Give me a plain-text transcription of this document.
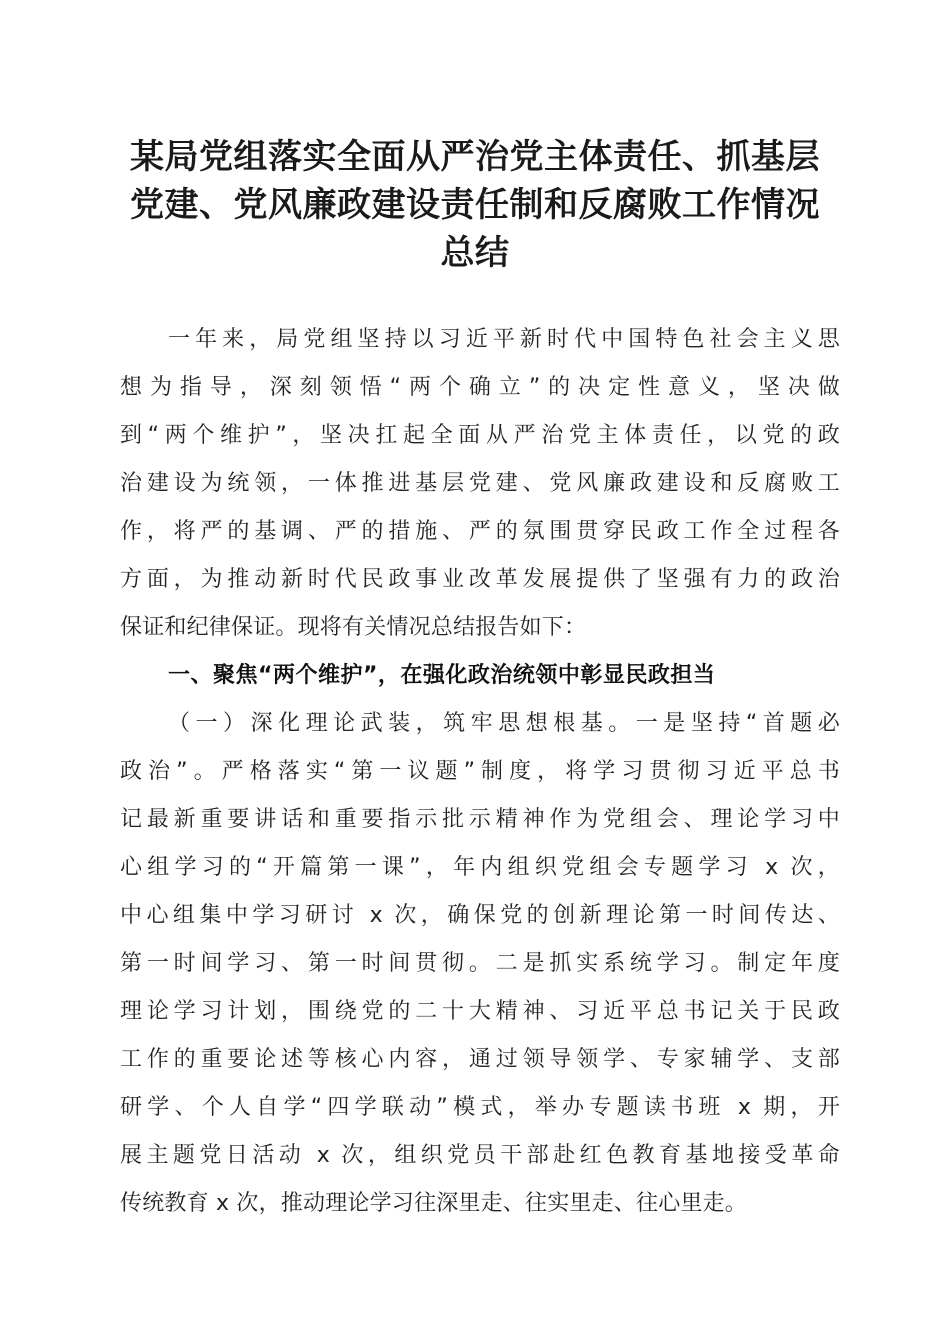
某局党组落实全面从严治党主体责任、抓基层
党建、党风廉政建设责任制和反腐败工作情况
总结
一年来，局党组坚持以习近平新时代中国特色社会主义思
想为指导，深刻领悟“两个确立”的决定性意义，坚决做
到“两个维护”，坚决扛起全面从严治党主体责任，以党的政
治建设为统领，一体推进基层党建、党风廉政建设和反腐败工
作，将严的基调、严的措施、严的氛围贯穿民政工作全过程各
方面，为推动新时代民政事业改革发展提供了坚强有力的政治
保证和纪律保证。现将有关情况总结报告如下：
一、聚焦“两个维护”，在强化政治统领中彰显民政担当
（一）深化理论武装，筑牢思想根基。一是坚持“首题必
政治”。严格落实“第一议题”制度，将学习贯彻习近平总书
记最新重要讲话和重要指示批示精神作为党组会、理论学习中
心组学习的“开篇第一课”，年内组织党组会专题学习 x 次，
中心组集中学习研讨 x 次，确保党的创新理论第一时间传达、
第一时间学习、第一时间贯彻。二是抓实系统学习。制定年度
理论学习计划，围绕党的二十大精神、习近平总书记关于民政
工作的重要论述等核心内容，通过领导领学、专家辅学、支部
研学、个人自学“四学联动”模式，举办专题读书班 x 期，开
展主题党日活动 x 次，组织党员干部赴红色教育基地接受革命
传统教育 x 次，推动理论学习往深里走、往实里走、往心里走。
